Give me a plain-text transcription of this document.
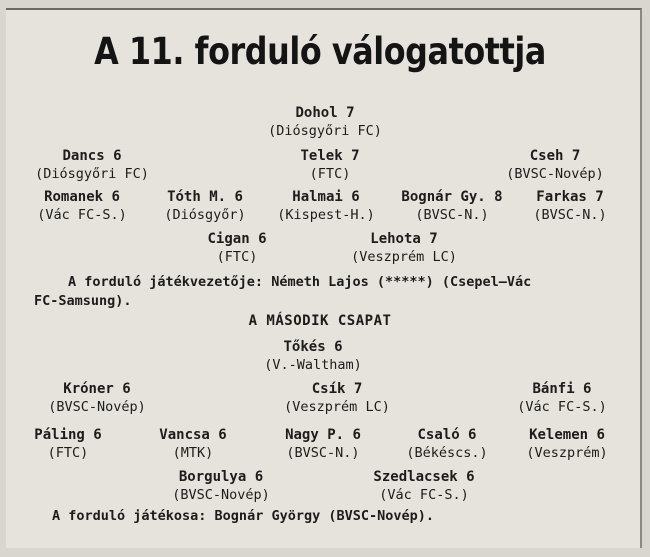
A 11. forduló válogatottja
Dohol 7
(Diósgyőri FC)
Dancs 6
(Diósgyőri FC)
Telek 7
(FTC)
Cseh 7
(BVSC-Novép)
Romanek 6
(Vác FC-S.)
Tóth M. 6
(Diósgyőr)
Halmai 6
(Kispest-H.)
Bognár Gy. 8
(BVSC-N.)
Farkas 7
(BVSC-N.)
Cigan 6
(FTC)
Lehota 7
(Veszprém LC)
A forduló játékvezetője: Németh Lajos (*****) (Csepel—Vác
FC-Samsung).
A MÁSODIK CSAPAT
Tőkés 6
(V.-Waltham)
Króner 6
(BVSC-Novép)
Csík 7
(Veszprém LC)
Bánfi 6
(Vác FC-S.)
Páling 6
(FTC)
Vancsa 6
(MTK)
Nagy P. 6
(BVSC-N.)
Csaló 6
(Békéscs.)
Kelemen 6
(Veszprém)
Borgulya 6
(BVSC-Novép)
Szedlacsek 6
(Vác FC-S.)
A forduló játékosa: Bognár György (BVSC-Novép).
